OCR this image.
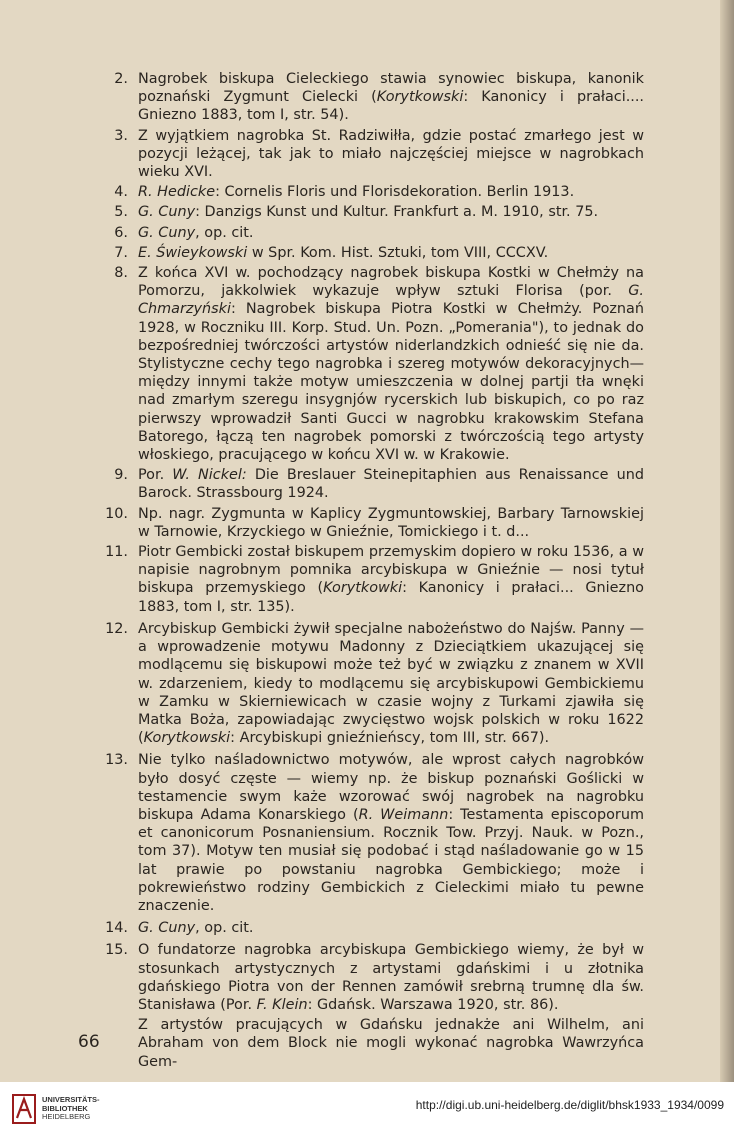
2. Nagrobek biskupa Cieleckiego stawia synowiec biskupa, kanonik poznański Zygmunt Cielecki (Korytkowski: Kanonicy i prałaci.... Gniezno 1883, tom I, str. 54).
3. Z wyjątkiem nagrobka St. Radziwiłła, gdzie postać zmarłego jest w pozycji leżącej, tak jak to miało najczęściej miejsce w nagrobkach wieku XVI.
4. R. Hedicke: Cornelis Floris und Florisdekoration. Berlin 1913.
5. G. Cuny: Danzigs Kunst und Kultur. Frankfurt a. M. 1910, str. 75.
6. G. Cuny, op. cit.
7. E. Świeykowski w Spr. Kom. Hist. Sztuki, tom VIII, CCCXV.
8. Z końca XVI w. pochodzący nagrobek biskupa Kostki w Chełmży na Pomorzu, jakkolwiek wykazuje wpływ sztuki Florisa (por. G. Chmarzyński: Nagrobek biskupa Piotra Kostki w Chełmży. Poznań 1928, w Roczniku III. Korp. Stud. Un. Pozn. „Pomerania"), to jednak do bezpośredniej twórczości artystów niderlandzkich odnieść się nie da. Stylistyczne cechy tego nagrobka i szereg motywów dekoracyjnych— między innymi także motyw umieszczenia w dolnej partji tła wnęki nad zmarłym szeregu insygnjów rycerskich lub biskupich, co po raz pierwszy wprowadził Santi Gucci w nagrobku krakowskim Stefana Batorego, łączą ten nagrobek pomorski z twórczością tego artysty włoskiego, pracującego w końcu XVI w. w Krakowie.
9. Por. W. Nickel: Die Breslauer Steinepitaphien aus Renaissance und Barock. Strassbourg 1924.
10. Np. nagr. Zygmunta w Kaplicy Zygmuntowskiej, Barbary Tarnowskiej w Tarnowie, Krzyckiego w Gnieźnie, Tomickiego i t. d...
11. Piotr Gembicki został biskupem przemyskim dopiero w roku 1536, a w napisie nagrobnym pomnika arcybiskupa w Gnieźnie — nosi tytuł biskupa przemyskiego (Korytkowki: Kanonicy i prałaci... Gniezno 1883, tom I, str. 135).
12. Arcybiskup Gembicki żywił specjalne nabożeństwo do Najśw. Panny — a wprowadzenie motywu Madonny z Dzieciątkiem ukazującej się modlącemu się biskupowi może też być w związku z znanem w XVII w. zdarzeniem, kiedy to modlącemu się arcybiskupowi Gembickiemu w Zamku w Skierniewicach w czasie wojny z Turkami zjawiła się Matka Boża, zapowiadając zwycięstwo wojsk polskich w roku 1622 (Korytkowski: Arcybiskupi gnieźnieńscy, tom III, str. 667).
13. Nie tylko naśladownictwo motywów, ale wprost całych nagrobków było dosyć częste — wiemy np. że biskup poznański Goślicki w testamencie swym każe wzorować swój nagrobek na nagrobku biskupa Adama Konarskiego (R. Weimann: Testamenta episcoporum et canonicorum Posnaniensium. Rocznik Tow. Przyj. Nauk. w Pozn., tom 37). Motyw ten musiał się podobać i stąd naśladowanie go w 15 lat prawie po powstaniu nagrobka Gembickiego; może i pokrewieństwo rodziny Gembickich z Cieleckimi miało tu pewne znaczenie.
14. G. Cuny, op. cit.
15. O fundatorze nagrobka arcybiskupa Gembickiego wiemy, że był w stosunkach artystycznych z artystami gdańskimi i u złotnika gdańskiego Piotra von der Rennen zamówił srebrną trumnę dla św. Stanisława (Por. F. Klein: Gdańsk. Warszawa 1920, str. 86).
Z artystów pracujących w Gdańsku jednakże ani Wilhelm, ani Abraham von dem Block nie mogli wykonać nagrobka Wawrzyńca Gem-
66
UNIVERSITÄTS-
BIBLIOTHEK
HEIDELBERG
http://digi.ub.uni-heidelberg.de/diglit/bhsk1933_1934/0099
